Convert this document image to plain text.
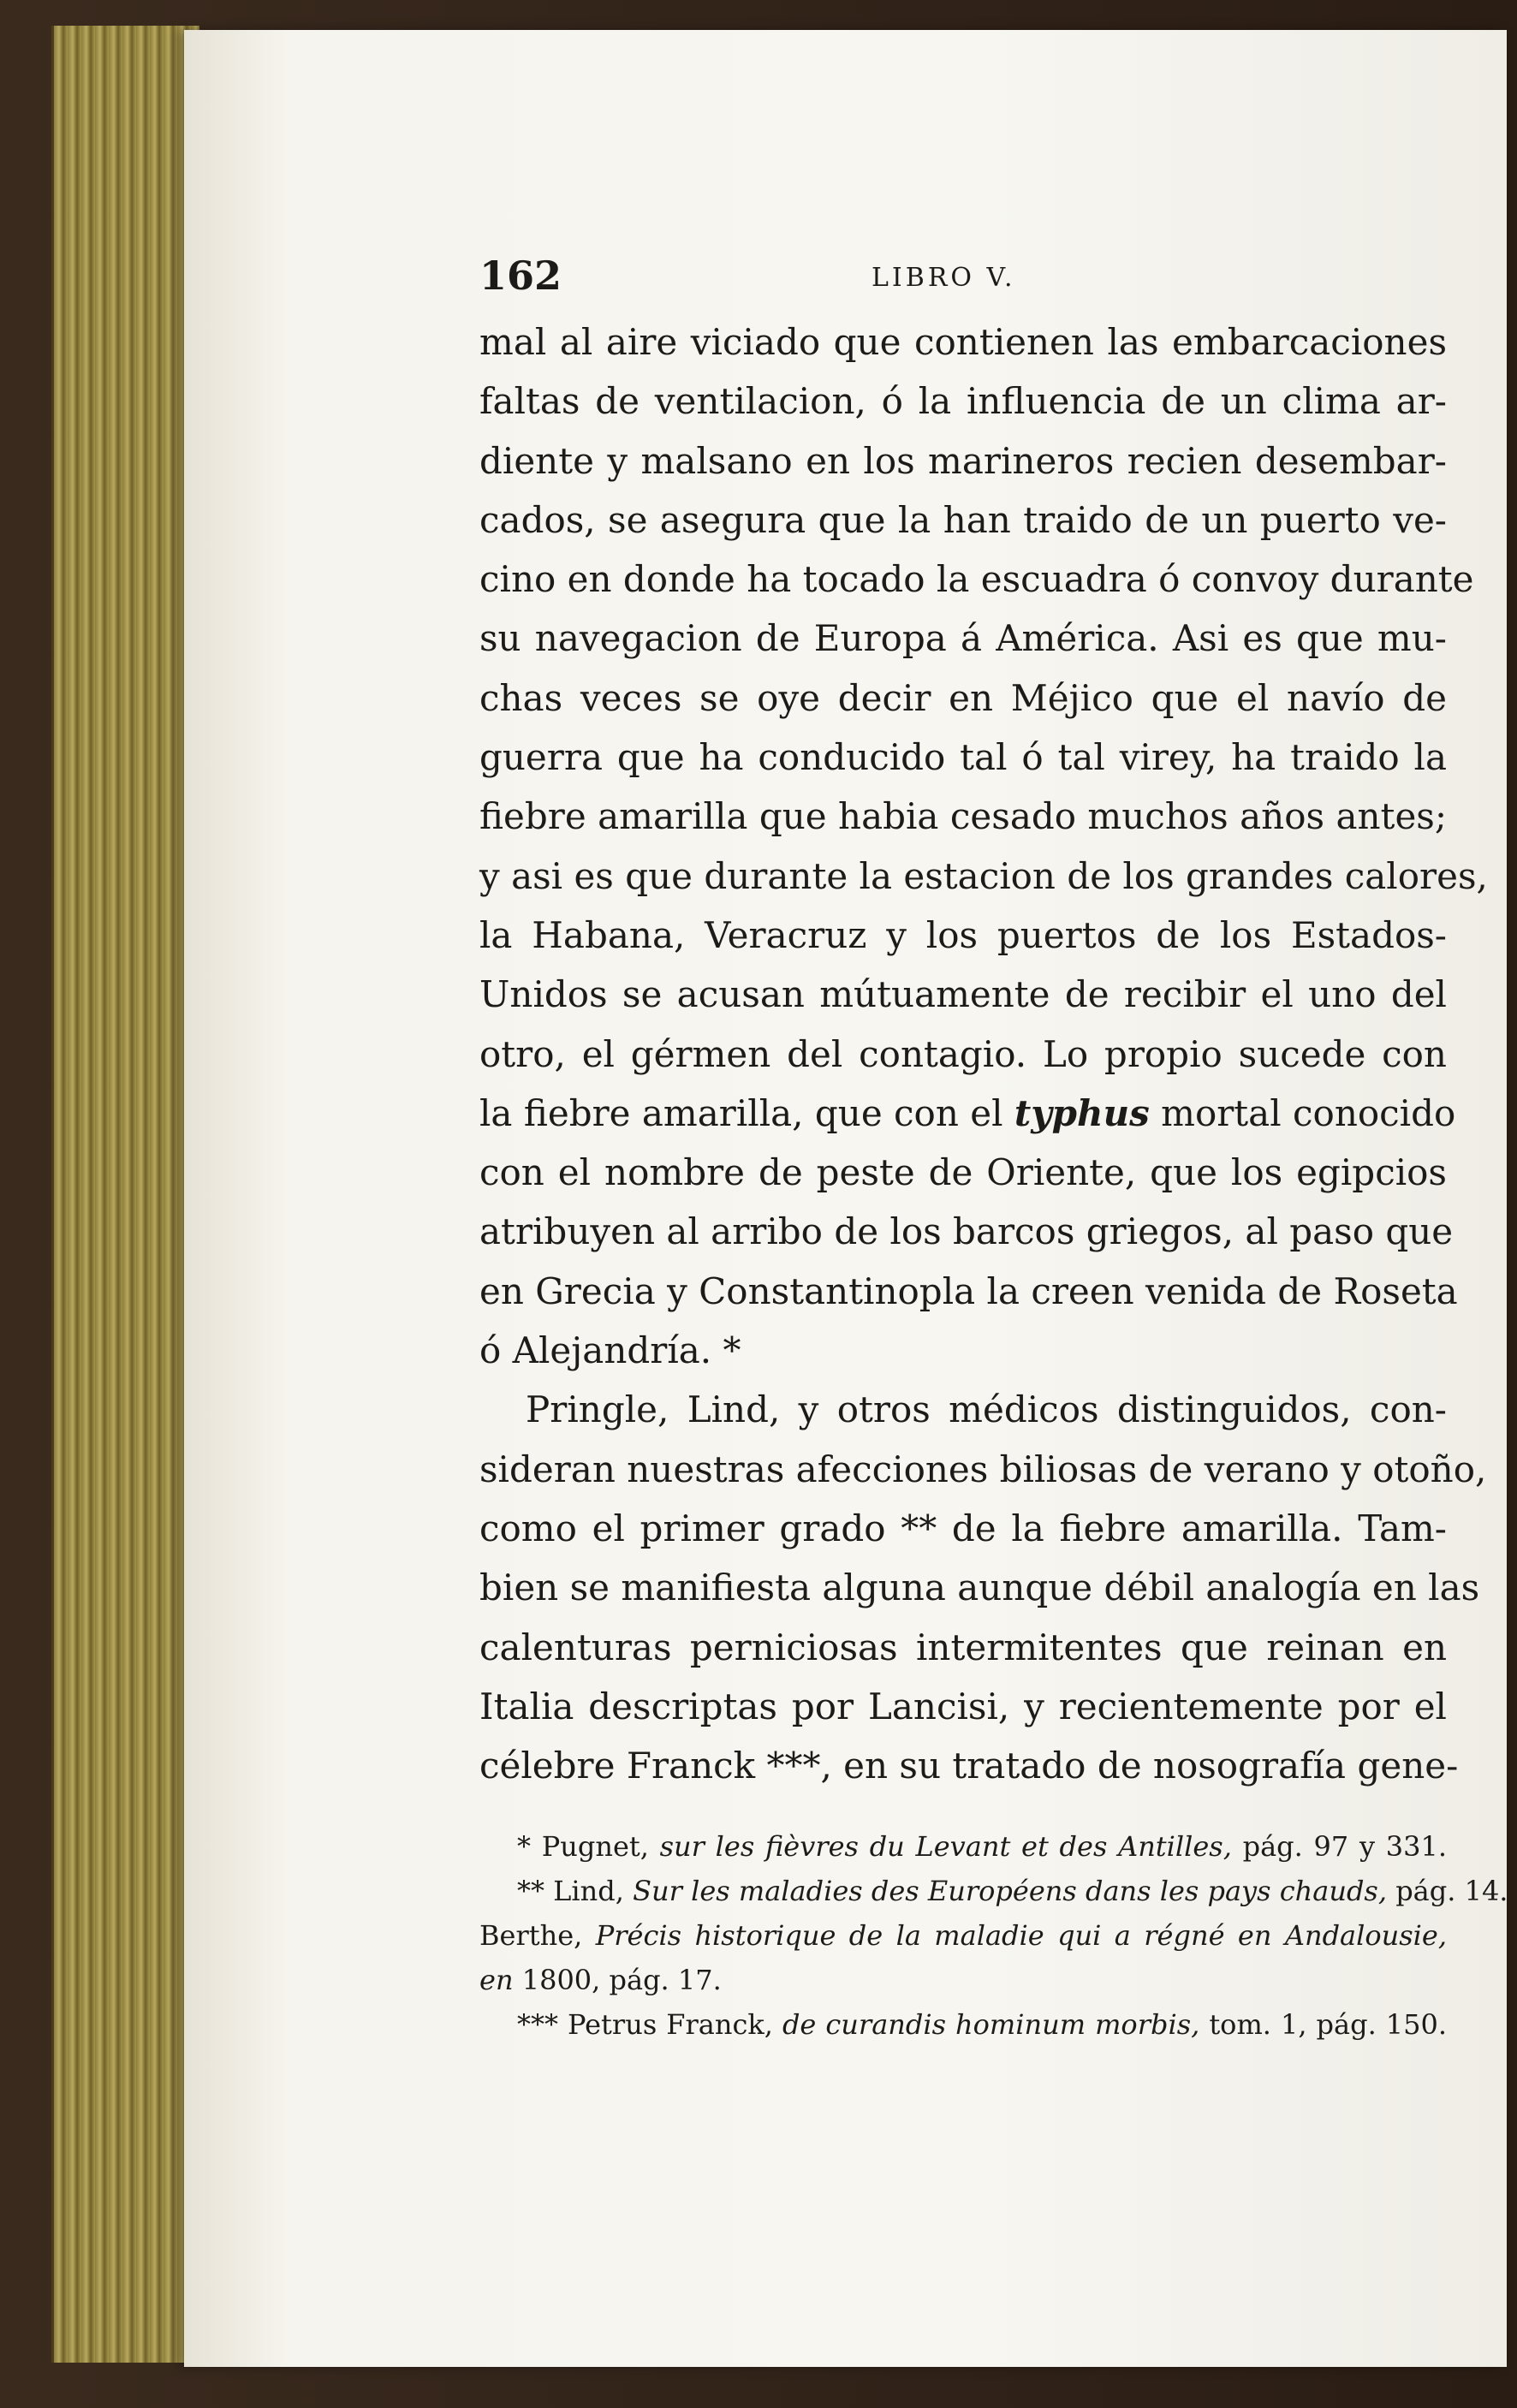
162	LIBRO V.
mal al aire viciado que contienen las embarcaciones
faltas de ventilacion, ó la influencia de un clima ar-
diente y malsano en los marineros recien desembar-
cados, se asegura que la han traido de un puerto ve-
cino en donde ha tocado la escuadra ó convoy durante
su navegacion de Europa á América. Asi es que mu-
chas veces se oye decir en Méjico que el navío de
guerra que ha conducido tal ó tal virey, ha traido la
fiebre amarilla que habia cesado muchos años antes;
y asi es que durante la estacion de los grandes calores,
la Habana, Veracruz y los puertos de los Estados-
Unidos se acusan mútuamente de recibir el uno del
otro, el gérmen del contagio. Lo propio sucede con
la fiebre amarilla, que con el typhus mortal conocido
con el nombre de peste de Oriente, que los egipcios
atribuyen al arribo de los barcos griegos, al paso que
en Grecia y Constantinopla la creen venida de Roseta
ó Alejandría. *
Pringle, Lind, y otros médicos distinguidos, con-
sideran nuestras afecciones biliosas de verano y otoño,
como el primer grado ** de la fiebre amarilla. Tam-
bien se manifiesta alguna aunque débil analogía en las
calenturas perniciosas intermitentes que reinan en
Italia descriptas por Lancisi, y recientemente por el
célebre Franck ***, en su tratado de nosografía gene-
* Pugnet, sur les fièvres du Levant et des Antilles, pág. 97 y 331.
** Lind, Sur les maladies des Européens dans les pays chauds, pág. 14.
Berthe, Précis historique de la maladie qui a régné en Andalousie,
en 1800, pág. 17.
*** Petrus Franck, de curandis hominum morbis, tom. 1, pág. 150.
